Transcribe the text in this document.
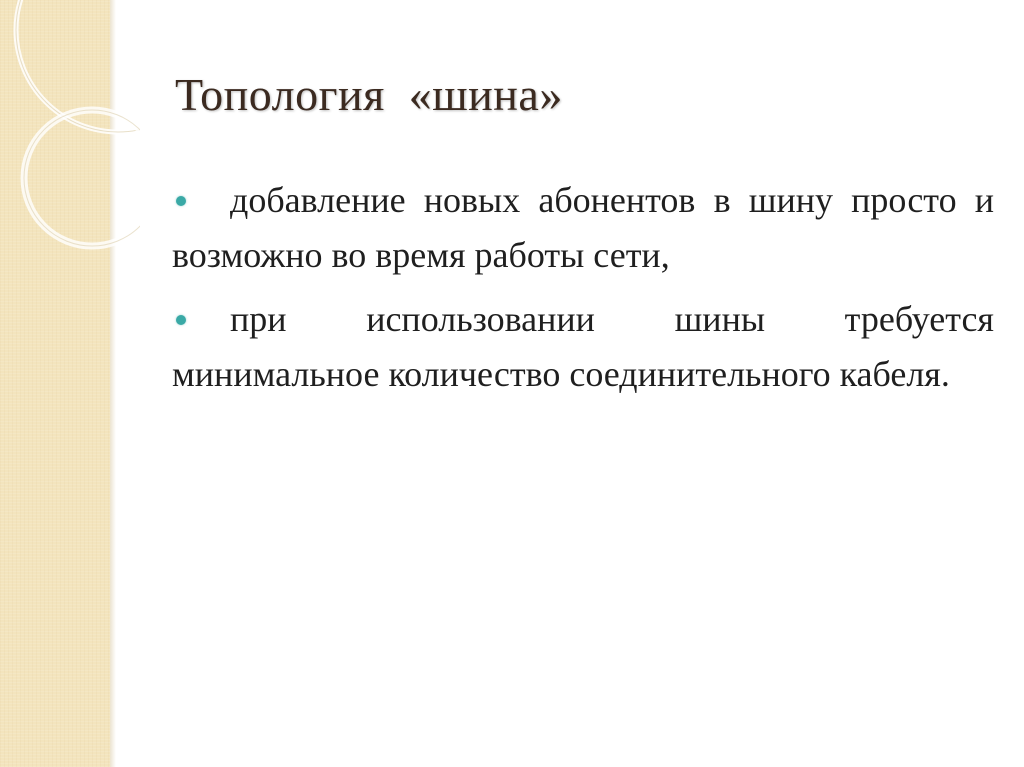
Топология  «шина»
добавление новых абонентов в шину просто и возможно во время работы сети,
при использовании шины требуется минимальное количество соединительного кабеля.
